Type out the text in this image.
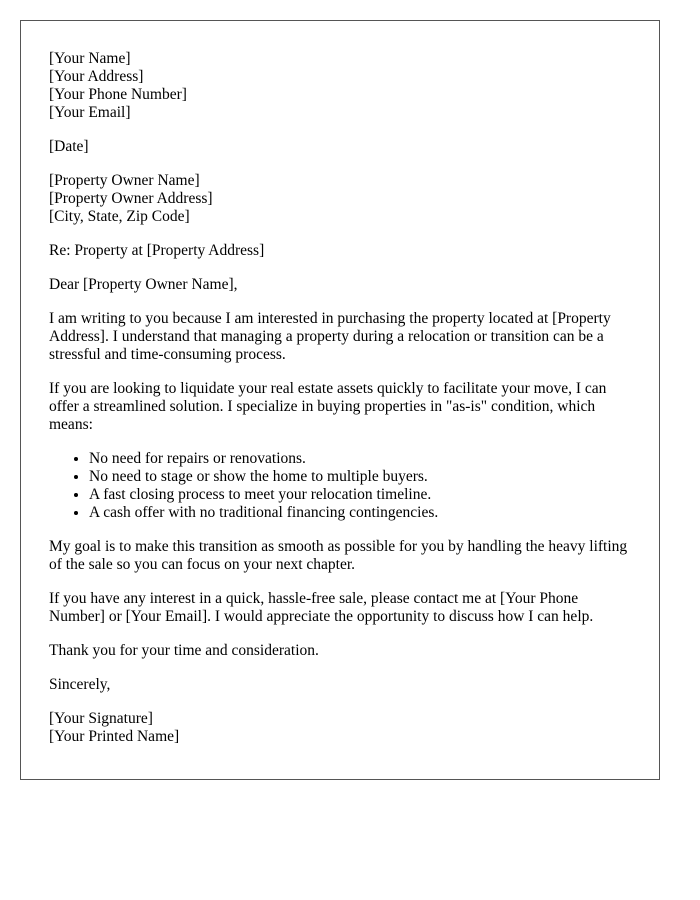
[Your Name]
[Your Address]
[Your Phone Number]
[Your Email]
[Date]
[Property Owner Name]
[Property Owner Address]
[City, State, Zip Code]

Re: Property at [Property Address]

Dear [Property Owner Name],

I am writing to you because I am interested in purchasing the property located at [Property Address]. I understand that managing a property during a relocation or transition can be a stressful and time-consuming process.

If you are looking to liquidate your real estate assets quickly to facilitate your move, I can offer a streamlined solution. I specialize in buying properties in "as-is" condition, which means:

• No need for repairs or renovations.
• No need to stage or show the home to multiple buyers.
• A fast closing process to meet your relocation timeline.
• A cash offer with no traditional financing contingencies.

My goal is to make this transition as smooth as possible for you by handling the heavy lifting of the sale so you can focus on your next chapter.

If you have any interest in a quick, hassle-free sale, please contact me at [Your Phone Number] or [Your Email]. I would appreciate the opportunity to discuss how I can help.

Thank you for your time and consideration.

Sincerely,

[Your Signature]
[Your Printed Name]
